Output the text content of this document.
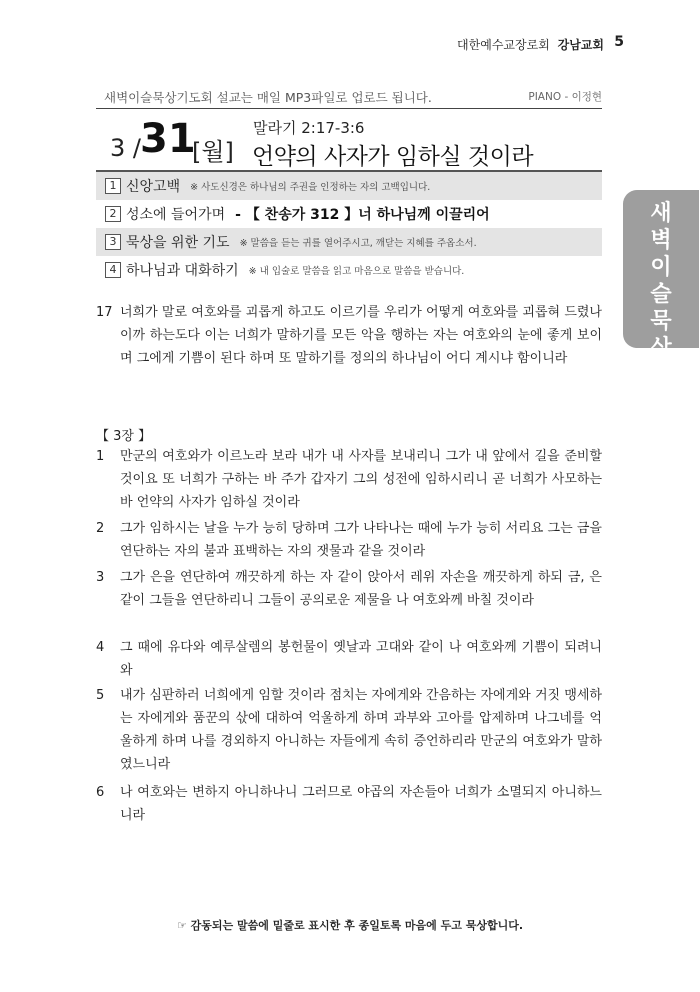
대한예수교장로회 강남교회 5
새벽이슬묵상기도회 설교는 매일 MP3파일로 업로드 됩니다.	PIANO - 이정현
3 / 31
[월]
말라기 2:17-3:6
언약의 사자가 임하실 것이라
1 신앙고백 ※ 사도신경은 하나님의 주권을 인정하는 자의 고백입니다.
2 성소에 들어가며 - 【 찬송가 312 】너 하나님께 이끌리어
3 묵상을 위한 기도 ※ 말씀을 듣는 귀를 열어주시고, 깨닫는 지혜를 주옵소서.
4 하나님과 대화하기 ※ 내 입술로 말씀을 읽고 마음으로 말씀을 받습니다.
새
벽
이
슬
묵
상
17 너희가 말로 여호와를 괴롭게 하고도 이르기를 우리가 어떻게 여호와를 괴롭혀 드렸나이까 하는도다 이는 너희가 말하기를 모든 악을 행하는 자는 여호와의 눈에 좋게 보이며 그에게 기쁨이 된다 하며 또 말하기를 정의의 하나님이 어디 계시냐 함이니라
【 3장 】
1 만군의 여호와가 이르노라 보라 내가 내 사자를 보내리니 그가 내 앞에서 길을 준비할 것이요 또 너희가 구하는 바 주가 갑자기 그의 성전에 임하시리니 곧 너희가 사모하는 바 언약의 사자가 임하실 것이라
2 그가 임하시는 날을 누가 능히 당하며 그가 나타나는 때에 누가 능히 서리요 그는 금을 연단하는 자의 불과 표백하는 자의 잿물과 같을 것이라
3 그가 은을 연단하여 깨끗하게 하는 자 같이 앉아서 레위 자손을 깨끗하게 하되 금, 은 같이 그들을 연단하리니 그들이 공의로운 제물을 나 여호와께 바칠 것이라
4 그 때에 유다와 예루살렘의 봉헌물이 옛날과 고대와 같이 나 여호와께 기쁨이 되려니와
5 내가 심판하러 너희에게 임할 것이라 점치는 자에게와 간음하는 자에게와 거짓 맹세하는 자에게와 품꾼의 삯에 대하여 억울하게 하며 과부와 고아를 압제하며 나그네를 억울하게 하며 나를 경외하지 아니하는 자들에게 속히 증언하리라 만군의 여호와가 말하였느니라
6 나 여호와는 변하지 아니하나니 그러므로 야곱의 자손들아 너희가 소멸되지 아니하느니라
☞ 감동되는 말씀에 밑줄로 표시한 후 종일토록 마음에 두고 묵상합니다.
